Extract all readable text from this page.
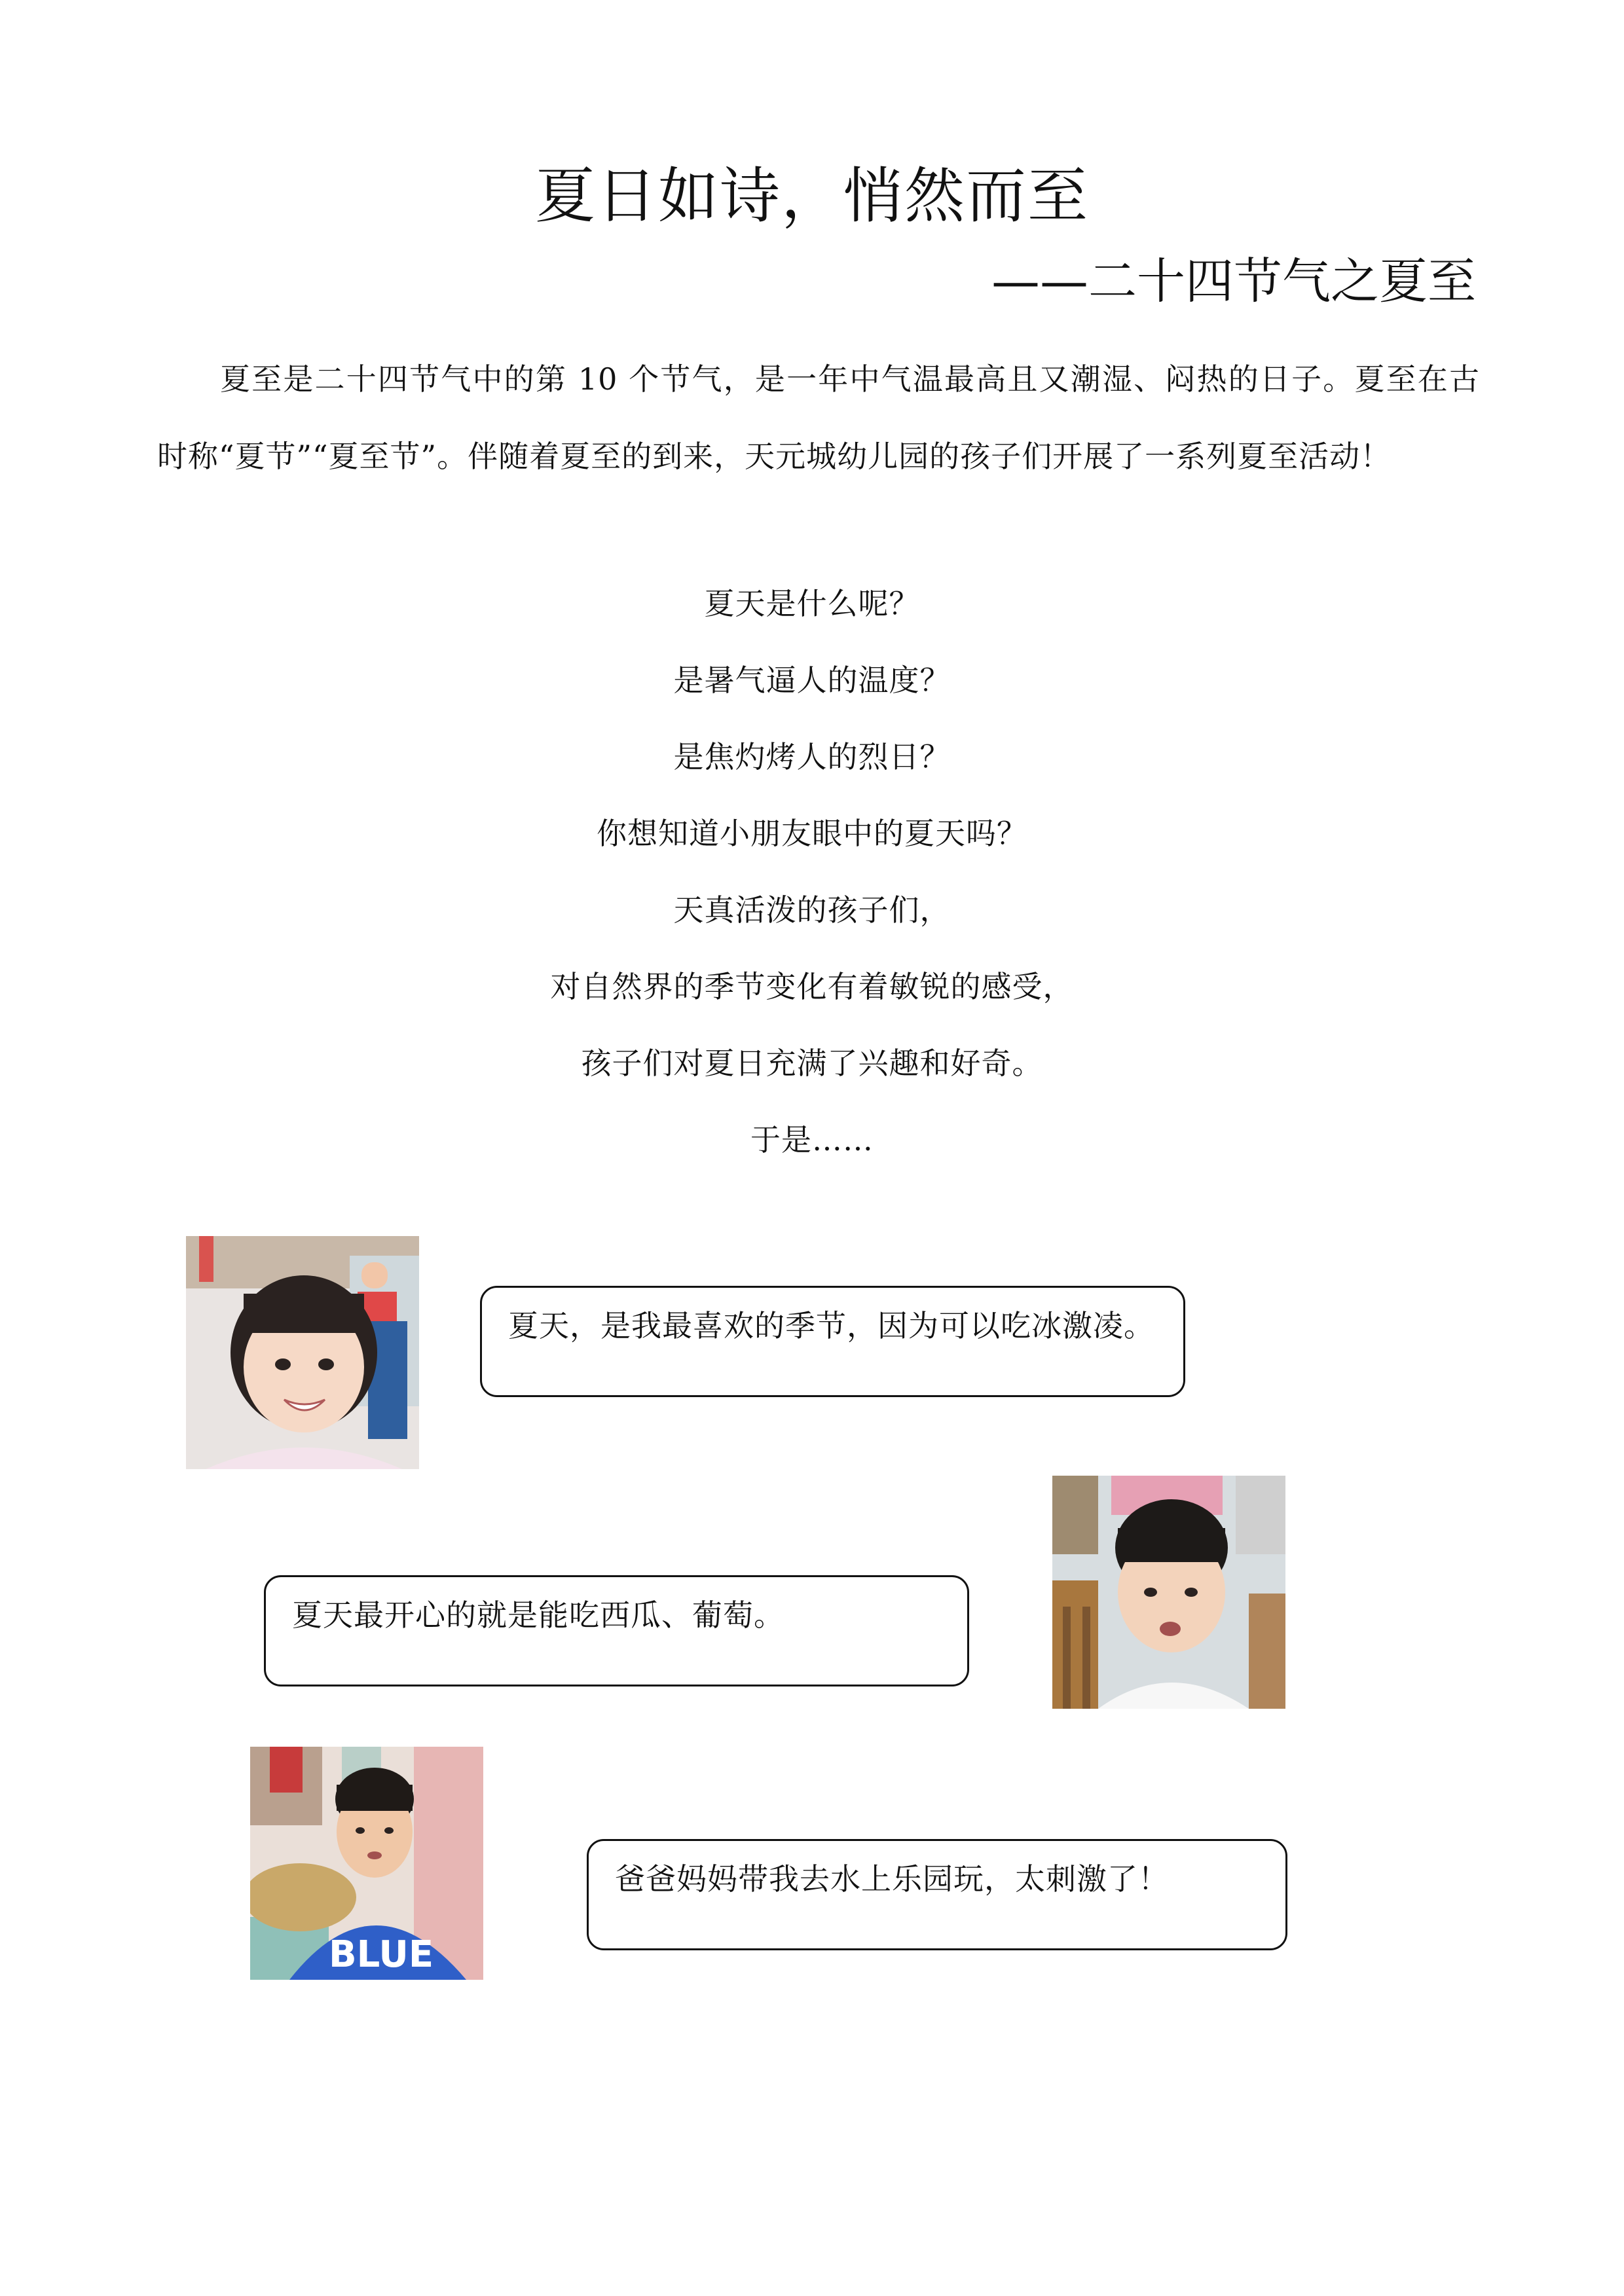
夏日如诗，悄然而至
——二十四节气之夏至

夏至是二十四节气中的第 10 个节气，是一年中气温最高且又潮湿、闷热的日子。夏至在古时称“夏节”“夏至节”。伴随着夏至的到来，天元城幼儿园的孩子们开展了一系列夏至活动！

夏天是什么呢？
是暑气逼人的温度？
是焦灼烤人的烈日？
你想知道小朋友眼中的夏天吗？
天真活泼的孩子们，
对自然界的季节变化有着敏锐的感受，
孩子们对夏日充满了兴趣和好奇。
于是……
夏天，是我最喜欢的季节，因为可以吃冰激凌。
夏天最开心的就是能吃西瓜、葡萄。
BLUE
爸爸妈妈带我去水上乐园玩，太刺激了！
